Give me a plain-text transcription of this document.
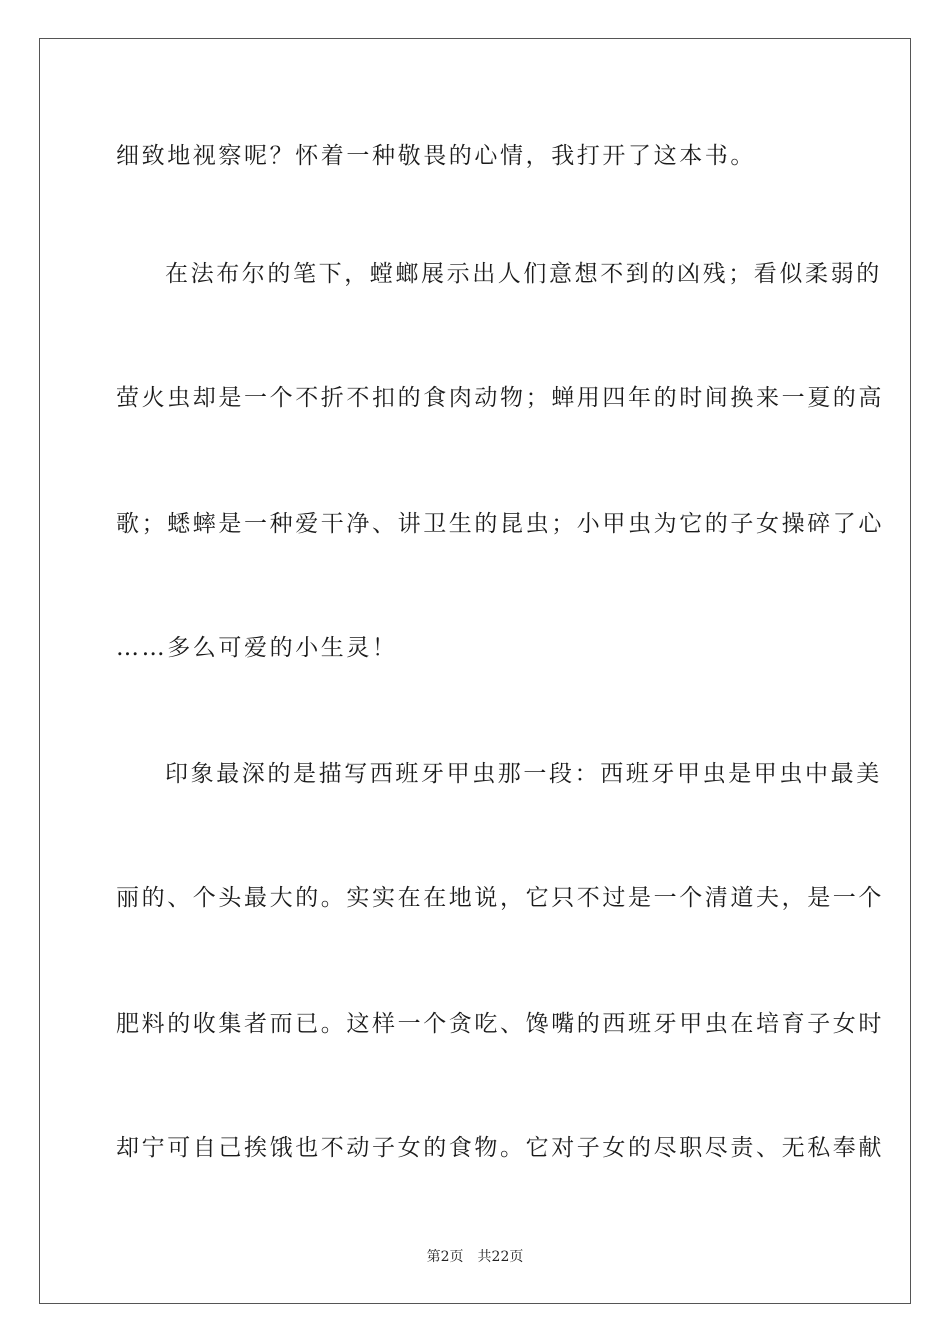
细致地视察呢？怀着一种敬畏的心情，我打开了这本书。
在法布尔的笔下，螳螂展示出人们意想不到的凶残；看似柔弱的
萤火虫却是一个不折不扣的食肉动物；蝉用四年的时间换来一夏的高
歌；蟋蟀是一种爱干净、讲卫生的昆虫；小甲虫为它的子女操碎了心
……多么可爱的小生灵！
印象最深的是描写西班牙甲虫那一段：西班牙甲虫是甲虫中最美
丽的、个头最大的。实实在在地说，它只不过是一个清道夫，是一个
肥料的收集者而已。这样一个贪吃、馋嘴的西班牙甲虫在培育子女时
却宁可自己挨饿也不动子女的食物。它对子女的尽职尽责、无私奉献
第2页 共22页
